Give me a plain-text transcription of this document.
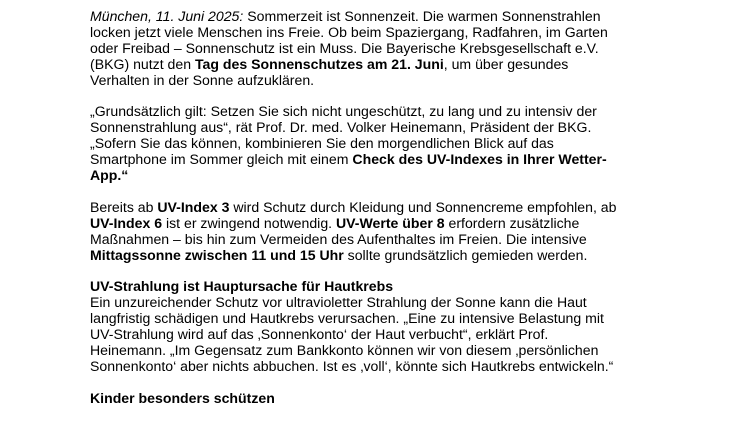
München, 11. Juni 2025: Sommerzeit ist Sonnenzeit. Die warmen Sonnenstrahlen
locken jetzt viele Menschen ins Freie. Ob beim Spaziergang, Radfahren, im Garten
oder Freibad – Sonnenschutz ist ein Muss. Die Bayerische Krebsgesellschaft e.V.
(BKG) nutzt den Tag des Sonnenschutzes am 21. Juni, um über gesundes
Verhalten in der Sonne aufzuklären.

„Grundsätzlich gilt: Setzen Sie sich nicht ungeschützt, zu lang und zu intensiv der
Sonnenstrahlung aus“, rät Prof. Dr. med. Volker Heinemann, Präsident der BKG.
„Sofern Sie das können, kombinieren Sie den morgendlichen Blick auf das
Smartphone im Sommer gleich mit einem Check des UV-Indexes in Ihrer Wetter-
App.“

Bereits ab UV-Index 3 wird Schutz durch Kleidung und Sonnencreme empfohlen, ab
UV-Index 6 ist er zwingend notwendig. UV-Werte über 8 erfordern zusätzliche
Maßnahmen – bis hin zum Vermeiden des Aufenthaltes im Freien. Die intensive
Mittagssonne zwischen 11 und 15 Uhr sollte grundsätzlich gemieden werden.

UV-Strahlung ist Hauptursache für Hautkrebs
Ein unzureichender Schutz vor ultravioletter Strahlung der Sonne kann die Haut
langfristig schädigen und Hautkrebs verursachen. „Eine zu intensive Belastung mit
UV-Strahlung wird auf das ‚Sonnenkonto‘ der Haut verbucht“, erklärt Prof.
Heinemann. „Im Gegensatz zum Bankkonto können wir von diesem ‚persönlichen
Sonnenkonto‘ aber nichts abbuchen. Ist es ‚voll‘, könnte sich Hautkrebs entwickeln.“

Kinder besonders schützen
